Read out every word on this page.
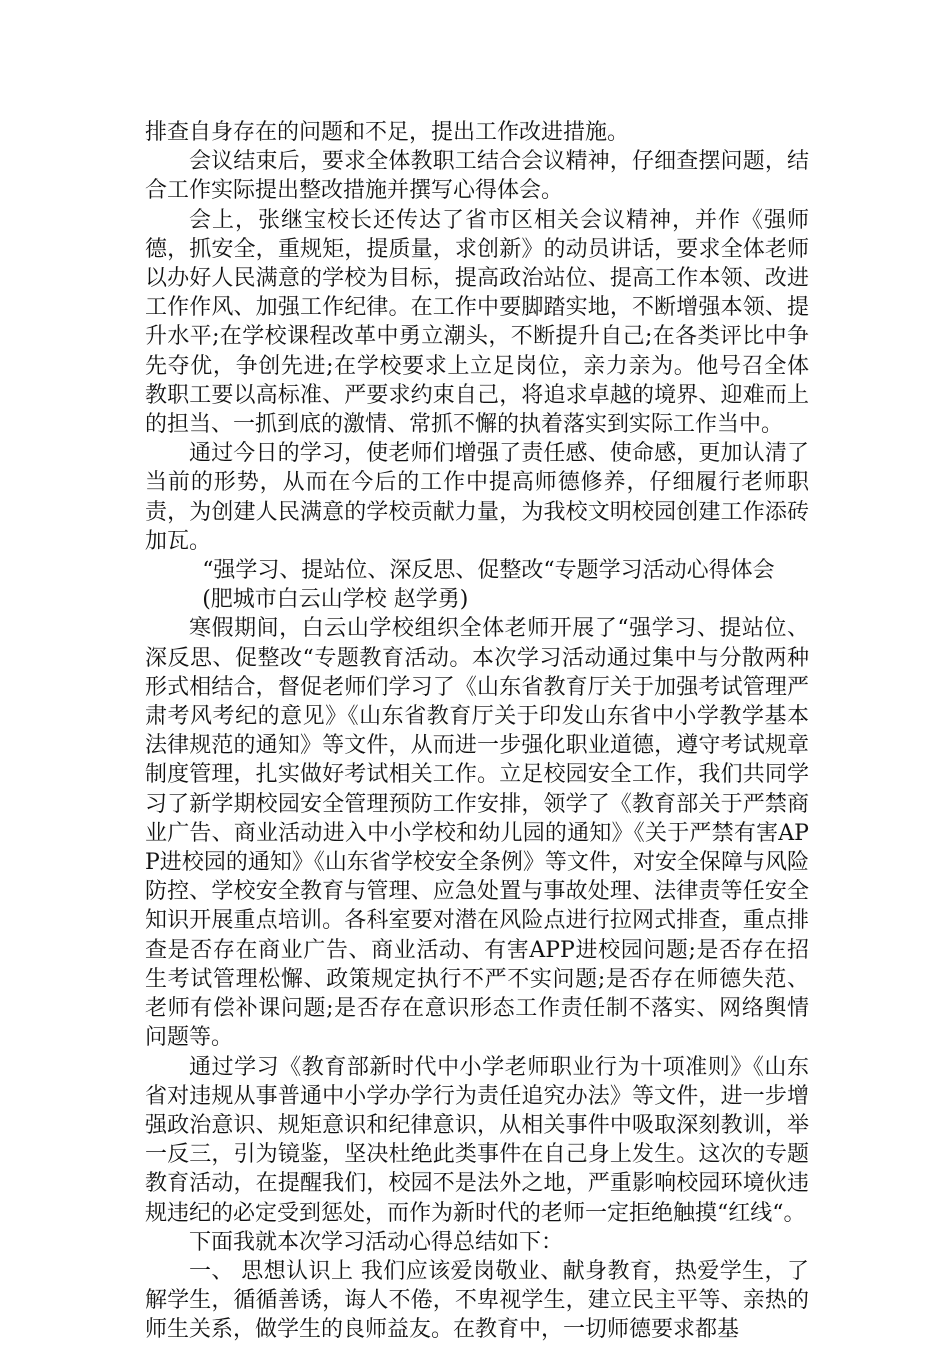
排查自身存在的问题和不足，提出工作改进措施。

会议结束后，要求全体教职工结合会议精神，仔细查摆问题，结合工作实际提出整改措施并撰写心得体会。

会上，张继宝校长还传达了省市区相关会议精神，并作《强师德，抓安全，重规矩，提质量，求创新》的动员讲话，要求全体老师以办好人民满意的学校为目标，提高政治站位、提高工作本领、改进工作作风、加强工作纪律。在工作中要脚踏实地，不断增强本领、提升水平;在学校课程改革中勇立潮头，不断提升自己;在各类评比中争先夺优，争创先进;在学校要求上立足岗位，亲力亲为。他号召全体教职工要以高标准、严要求约束自己，将追求卓越的境界、迎难而上的担当、一抓到底的激情、常抓不懈的执着落实到实际工作当中。

通过今日的学习，使老师们增强了责任感、使命感，更加认清了当前的形势，从而在今后的工作中提高师德修养，仔细履行老师职责，为创建人民满意的学校贡献力量，为我校文明校园创建工作添砖加瓦。

“强学习、提站位、深反思、促整改“专题学习活动心得体会

(肥城市白云山学校 赵学勇)

寒假期间，白云山学校组织全体老师开展了“强学习、提站位、深反思、促整改“专题教育活动。本次学习活动通过集中与分散两种形式相结合，督促老师们学习了《山东省教育厅关于加强考试管理严肃考风考纪的意见》《山东省教育厅关于印发山东省中小学教学基本法律规范的通知》等文件，从而进一步强化职业道德，遵守考试规章制度管理，扎实做好考试相关工作。立足校园安全工作，我们共同学习了新学期校园安全管理预防工作安排，领学了《教育部关于严禁商业广告、商业活动进入中小学校和幼儿园的通知》《关于严禁有害APP进校园的通知》《山东省学校安全条例》等文件，对安全保障与风险防控、学校安全教育与管理、应急处置与事故处理、法律责等任安全知识开展重点培训。各科室要对潜在风险点进行拉网式排查，重点排查是否存在商业广告、商业活动、有害APP进校园问题;是否存在招生考试管理松懈、政策规定执行不严不实问题;是否存在师德失范、老师有偿补课问题;是否存在意识形态工作责任制不落实、网络舆情问题等。

通过学习《教育部新时代中小学老师职业行为十项准则》《山东省对违规从事普通中小学办学行为责任追究办法》等文件，进一步增强政治意识、规矩意识和纪律意识，从相关事件中吸取深刻教训，举一反三，引为镜鉴，坚决杜绝此类事件在自己身上发生。这次的专题教育活动，在提醒我们，校园不是法外之地，严重影响校园环境伙违规违纪的必定受到惩处，而作为新时代的老师一定拒绝触摸“红线“。

下面我就本次学习活动心得总结如下：

一、 思想认识上 我们应该爱岗敬业、献身教育，热爱学生，了解学生，循循善诱，诲人不倦，不卑视学生，建立民主平等、亲热的师生关系，做学生的良师益友。在教育中，一切师德要求都基
